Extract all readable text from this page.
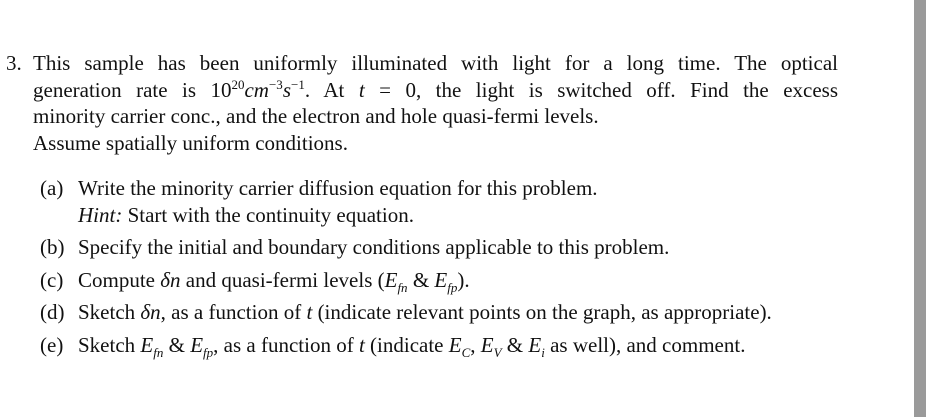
3. This sample has been uniformly illuminated with light for a long time. The optical
generation rate is $10^{20}cm^{-3}s^{-1}$. At t = 0, the light is switched off. Find the excess
minority carrier conc., and the electron and hole quasi-fermi levels.
Assume spatially uniform conditions.
(a) Write the minority carrier diffusion equation for this problem.
Hint: Start with the continuity equation.
(b) Specify the initial and boundary conditions applicable to this problem.
(c) Compute δn and quasi-fermi levels ($E_{fn}$ & $E_{fp}$).
(d) Sketch δn, as a function of t (indicate relevant points on the graph, as appropriate).
(e) Sketch $E_{fn}$ & $E_{fp}$, as a function of t (indicate $E_C$, $E_V$ & $E_i$ as well), and comment.
